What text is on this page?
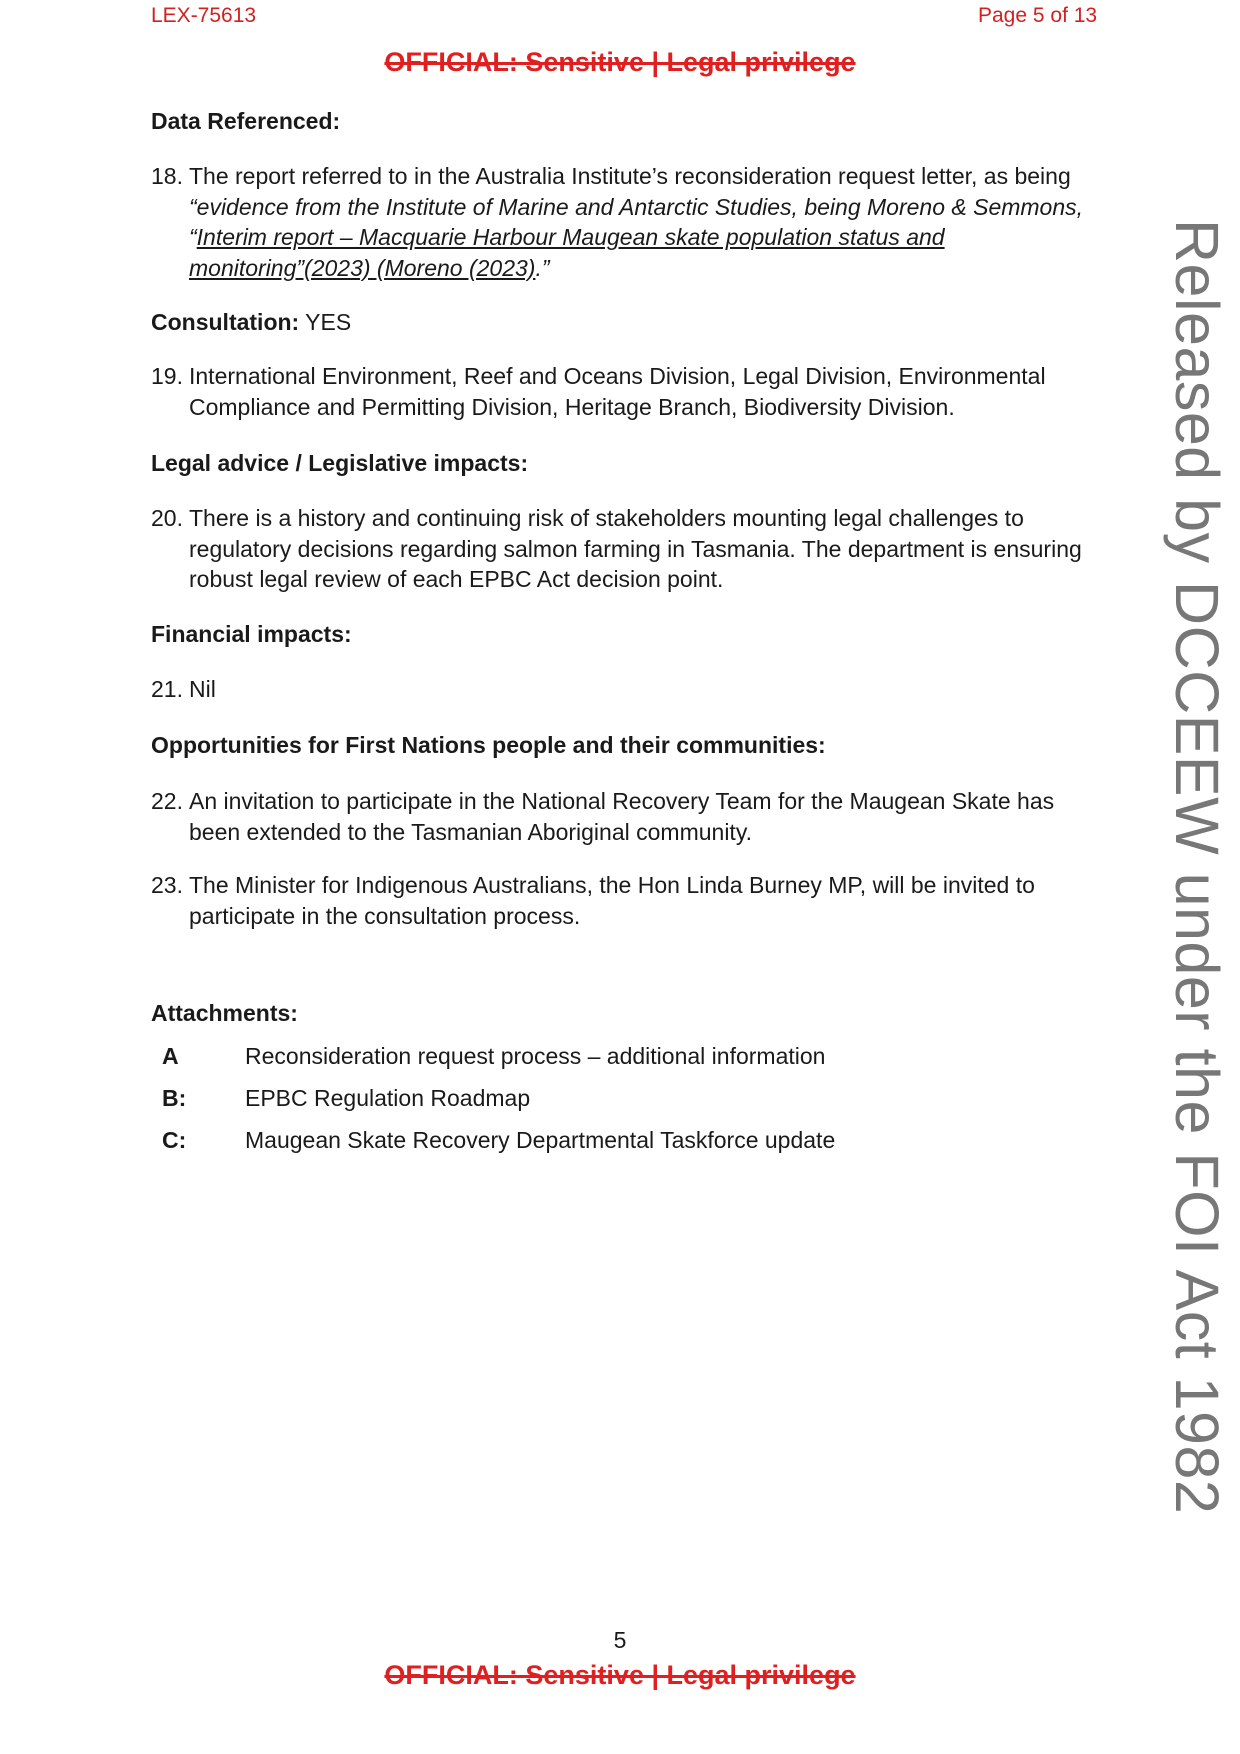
LEX-75613	Page 5 of 13
OFFICIAL: Sensitive | Legal privilege
Data Referenced:
18. The report referred to in the Australia Institute’s reconsideration request letter, as being
“evidence from the Institute of Marine and Antarctic Studies, being Moreno & Semmons,
“Interim report – Macquarie Harbour Maugean skate population status and
monitoring”(2023) (Moreno (2023).”
Consultation: YES
19. International Environment, Reef and Oceans Division, Legal Division, Environmental Compliance and Permitting Division, Heritage Branch, Biodiversity Division.
Legal advice / Legislative impacts:
20. There is a history and continuing risk of stakeholders mounting legal challenges to regulatory decisions regarding salmon farming in Tasmania. The department is ensuring robust legal review of each EPBC Act decision point.
Financial impacts:
21. Nil
Opportunities for First Nations people and their communities:
22. An invitation to participate in the National Recovery Team for the Maugean Skate has been extended to the Tasmanian Aboriginal community.
23. The Minister for Indigenous Australians, the Hon Linda Burney MP, will be invited to participate in the consultation process.
Attachments:
A	Reconsideration request process – additional information
B:	EPBC Regulation Roadmap
C:	Maugean Skate Recovery Departmental Taskforce update
5
OFFICIAL: Sensitive | Legal privilege
Released by DCCEEW under the FOI Act 1982
